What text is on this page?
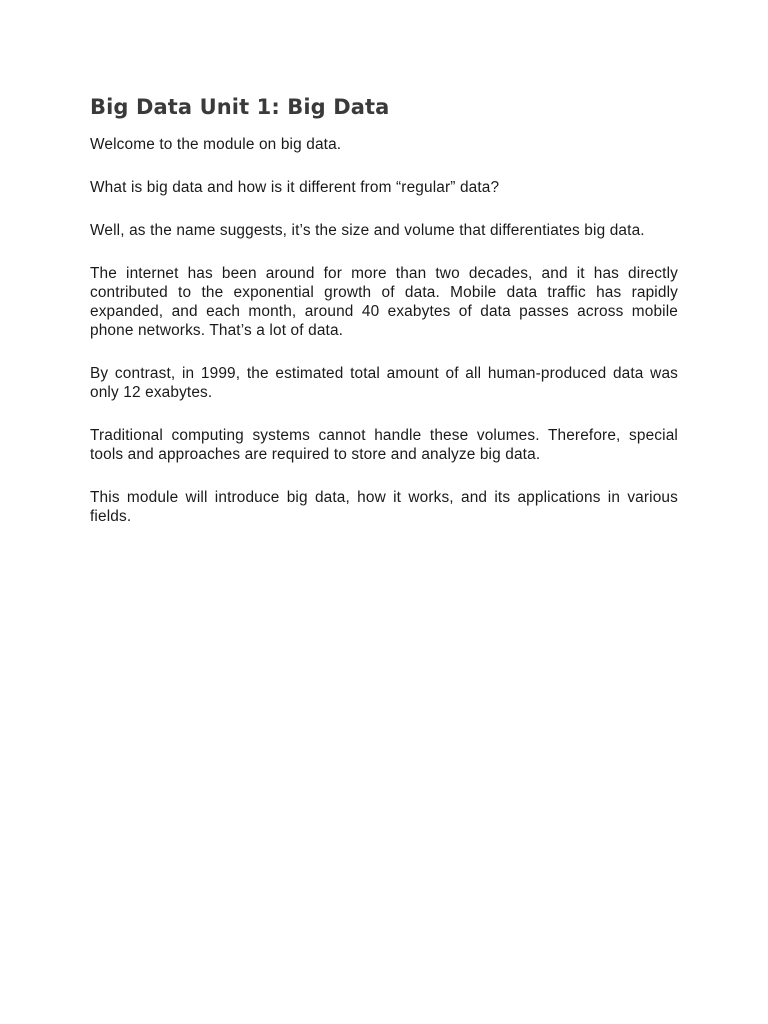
Big Data Unit 1: Big Data

Welcome to the module on big data.

What is big data and how is it different from “regular” data?

Well, as the name suggests, it’s the size and volume that differentiates big data.

The internet has been around for more than two decades, and it has directly contributed to the exponential growth of data. Mobile data traffic has rapidly expanded, and each month, around 40 exabytes of data passes across mobile phone networks. That’s a lot of data.

By contrast, in 1999, the estimated total amount of all human-produced data was only 12 exabytes.

Traditional computing systems cannot handle these volumes. Therefore, special tools and approaches are required to store and analyze big data.

This module will introduce big data, how it works, and its applications in various fields.
